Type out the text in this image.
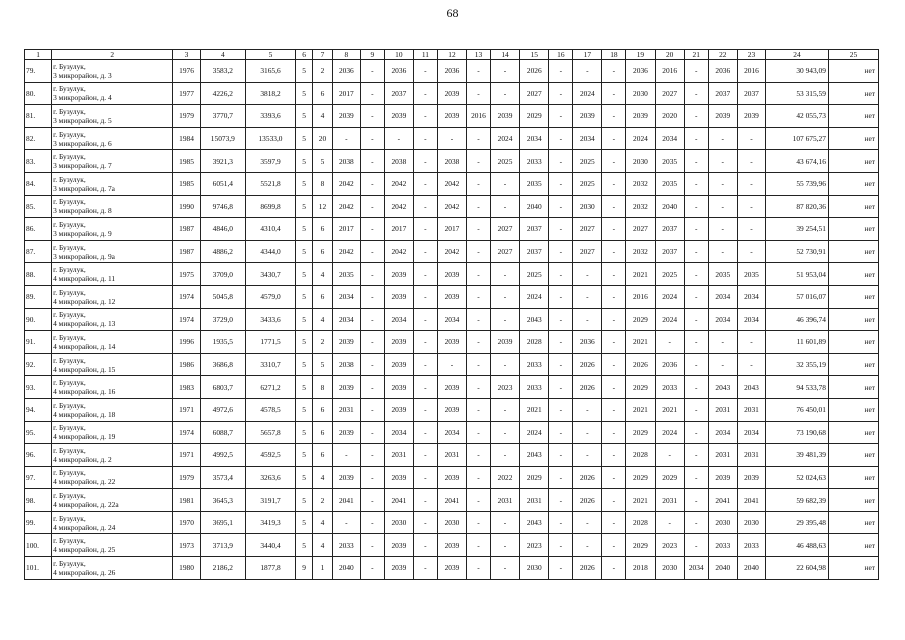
68
1	2	3	4	5	6	7	8	9	10	11	12	13	14	15	16	17	18	19	20	21	22	23	24	25
79.	г. Бузулук,
3 микрорайон, д. 3	1976	3583,2	3165,6	5	2	2036	-	2036	-	2036	-	-	2026	-	-	-	2036	2016	-	2036	2016	30 943,09	нет
80.	г. Бузулук,
3 микрорайон, д. 4	1977	4226,2	3818,2	5	6	2017	-	2037	-	2039	-	-	2027	-	2024	-	2030	2027	-	2037	2037	53 315,59	нет
81.	г. Бузулук,
3 микрорайон, д. 5	1979	3770,7	3393,6	5	4	2039	-	2039	-	2039	2016	2039	2029	-	2039	-	2039	2020	-	2039	2039	42 055,73	нет
82.	г. Бузулук,
3 микрорайон, д. 6	1984	15073,9	13533,0	5	20	-	-	-	-	-	-	2024	2034	-	2034	-	2024	2034	-	-	-	107 675,27	нет
83.	г. Бузулук,
3 микрорайон, д. 7	1985	3921,3	3597,9	5	5	2038	-	2038	-	2038	-	2025	2033	-	2025	-	2030	2035	-	-	-	43 674,16	нет
84.	г. Бузулук,
3 микрорайон, д. 7а	1985	6051,4	5521,8	5	8	2042	-	2042	-	2042	-	-	2035	-	2025	-	2032	2035	-	-	-	55 739,96	нет
85.	г. Бузулук,
3 микрорайон, д. 8	1990	9746,8	8699,8	5	12	2042	-	2042	-	2042	-	-	2040	-	2030	-	2032	2040	-	-	-	87 820,36	нет
86.	г. Бузулук,
3 микрорайон, д. 9	1987	4846,0	4310,4	5	6	2017	-	2017	-	2017	-	2027	2037	-	2027	-	2027	2037	-	-	-	39 254,51	нет
87.	г. Бузулук,
3 микрорайон, д. 9а	1987	4886,2	4344,0	5	6	2042	-	2042	-	2042	-	2027	2037	-	2027	-	2032	2037	-	-	-	52 730,91	нет
88.	г. Бузулук,
4 микрорайон, д. 11	1975	3709,0	3430,7	5	4	2035	-	2039	-	2039	-	-	2025	-	-	-	2021	2025	-	2035	2035	51 953,04	нет
89.	г. Бузулук,
4 микрорайон, д. 12	1974	5045,8	4579,0	5	6	2034	-	2039	-	2039	-	-	2024	-	-	-	2016	2024	-	2034	2034	57 016,07	нет
90.	г. Бузулук,
4 микрорайон, д. 13	1974	3729,0	3433,6	5	4	2034	-	2034	-	2034	-	-	2043	-	-	-	2029	2024	-	2034	2034	46 396,74	нет
91.	г. Бузулук,
4 микрорайон, д. 14	1996	1935,5	1771,5	5	2	2039	-	2039	-	2039	-	2039	2028	-	2036	-	2021	-	-	-	-	11 601,89	нет
92.	г. Бузулук,
4 микрорайон, д. 15	1986	3686,8	3310,7	5	5	2038	-	2039	-	-	-	-	2033	-	2026	-	2026	2036	-	-	-	32 355,19	нет
93.	г. Бузулук,
4 микрорайон, д. 16	1983	6803,7	6271,2	5	8	2039	-	2039	-	2039	-	2023	2033	-	2026	-	2029	2033	-	2043	2043	94 533,78	нет
94.	г. Бузулук,
4 микрорайон, д. 18	1971	4972,6	4578,5	5	6	2031	-	2039	-	2039	-	-	2021	-	-	-	2021	2021	-	2031	2031	76 450,01	нет
95.	г. Бузулук,
4 микрорайон, д. 19	1974	6088,7	5657,8	5	6	2039	-	2034	-	2034	-	-	2024	-	-	-	2029	2024	-	2034	2034	73 190,68	нет
96.	г. Бузулук,
4 микрорайон, д. 2	1971	4992,5	4592,5	5	6	-	-	2031	-	2031	-	-	2043	-	-	-	2028	-	-	2031	2031	39 481,39	нет
97.	г. Бузулук,
4 микрорайон, д. 22	1979	3573,4	3263,6	5	4	2039	-	2039	-	2039	-	2022	2029	-	2026	-	2029	2029	-	2039	2039	52 024,63	нет
98.	г. Бузулук,
4 микрорайон, д. 22а	1981	3645,3	3191,7	5	2	2041	-	2041	-	2041	-	2031	2031	-	2026	-	2021	2031	-	2041	2041	59 682,39	нет
99.	г. Бузулук,
4 микрорайон, д. 24	1970	3695,1	3419,3	5	4	-	-	2030	-	2030	-	-	2043	-	-	-	2028	-	-	2030	2030	29 395,48	нет
100.	г. Бузулук,
4 микрорайон, д. 25	1973	3713,9	3440,4	5	4	2033	-	2039	-	2039	-	-	2023	-	-	-	2029	2023	-	2033	2033	46 488,63	нет
101.	г. Бузулук,
4 микрорайон, д. 26	1980	2186,2	1877,8	9	1	2040	-	2039	-	2039	-	-	2030	-	2026	-	2018	2030	2034	2040	2040	22 604,98	нет
